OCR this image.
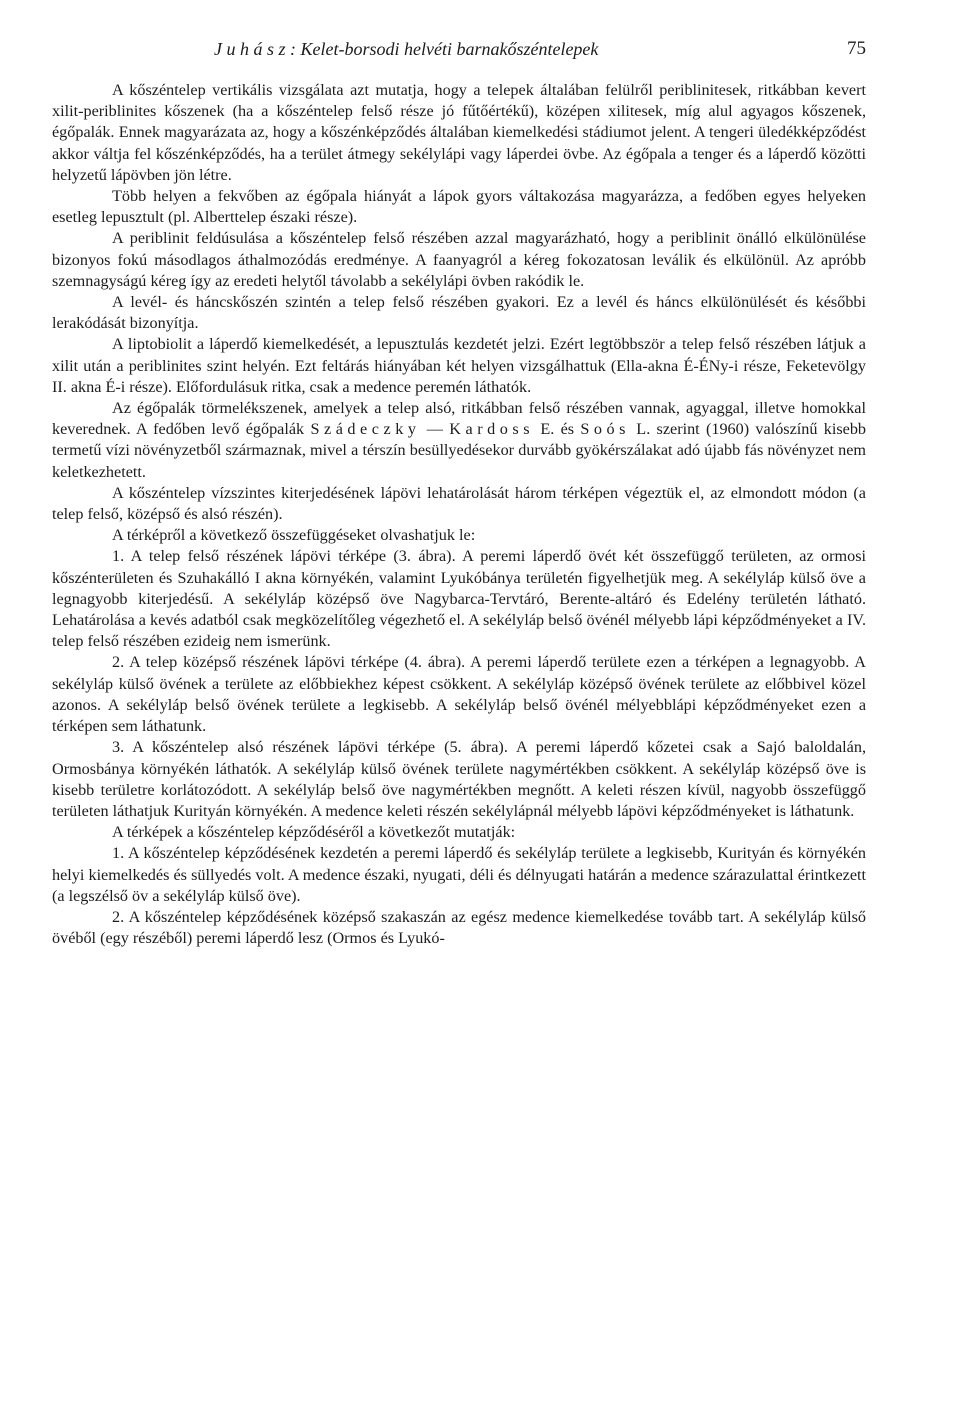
J u h á s z : Kelet-borsodi helvéti barnakőszéntelepek	75

A kőszéntelep vertikális vizsgálata azt mutatja, hogy a telepek általában felülről periblinitesek, ritkábban kevert xilit-periblinites kőszenek (ha a kőszéntelep felső része jó fűtőértékű), középen xilitesek, míg alul agyagos kőszenek, égőpalák. Ennek magyarázata az, hogy a kőszénképződés általában kiemelkedési stádiumot jelent. A tengeri üledékképződést akkor váltja fel kőszénképződés, ha a terület átmegy sekélylápi vagy láperdei övbe. Az égőpala a tenger és a láperdő közötti helyzetű lápövben jön létre.

Több helyen a fekvőben az égőpala hiányát a lápok gyors váltakozása magyarázza, a fedőben egyes helyeken esetleg lepusztult (pl. Alberttelep északi része).

A periblinit feldúsulása a kőszéntelep felső részében azzal magyarázható, hogy a periblinit önálló elkülönülése bizonyos fokú másodlagos áthalmozódás eredménye. A faanyagról a kéreg fokozatosan leválik és elkülönül. Az apróbb szemnagyságú kéreg így az eredeti helytől távolabb a sekélylápi övben rakódik le.

A levél- és háncskőszén szintén a telep felső részében gyakori. Ez a levél és háncs elkülönülését és későbbi lerakódását bizonyítja.

A liptobiolit a láperdő kiemelkedését, a lepusztulás kezdetét jelzi. Ezért legtöbbször a telep felső részében látjuk a xilit után a periblinites szint helyén. Ezt feltárás hiányában két helyen vizsgálhattuk (Ella-akna É-ÉNy-i része, Feketevölgy II. akna É-i része). Előfordulásuk ritka, csak a medence peremén láthatók.

Az égőpalák törmelékszenek, amelyek a telep alsó, ritkábban felső részében vannak, agyaggal, illetve homokkal keverednek. A fedőben levő égőpalák Szádeczky — Kardoss E. és Soós L. szerint (1960) valószínű kisebb termetű vízi növényzetből származnak, mivel a térszín besüllyedésekor durvább gyökérszálakat adó újabb fás növényzet nem keletkezhetett.

A kőszéntelep vízszintes kiterjedésének lápövi lehatárolását három térképen végeztük el, az elmondott módon (a telep felső, középső és alsó részén).

A térképről a következő összefüggéseket olvashatjuk le:

1. A telep felső részének lápövi térképe (3. ábra). A peremi láperdő övét két összefüggő területen, az ormosi kőszénterületen és Szuhakálló I akna környékén, valamint Lyukóbánya területén figyelhetjük meg. A sekélyláp külső öve a legnagyobb kiterjedésű. A sekélyláp középső öve Nagybarca-Tervtáró, Berente-altáró és Edelény területén látható. Lehatárolása a kevés adatból csak megközelítőleg végezhető el. A sekélyláp belső övénél mélyebb lápi képződményeket a IV. telep felső részében ezideig nem ismerünk.

2. A telep középső részének lápövi térképe (4. ábra). A peremi láperdő területe ezen a térképen a legnagyobb. A sekélyláp külső övének a területe az előbbiekhez képest csökkent. A sekélyláp középső övének területe az előbbivel közel azonos. A sekélyláp belső övének területe a legkisebb. A sekélyláp belső övénél mélyebblápi képződményeket ezen a térképen sem láthatunk.

3. A kőszéntelep alsó részének lápövi térképe (5. ábra). A peremi láperdő kőzetei csak a Sajó baloldalán, Ormosbánya környékén láthatók. A sekélyláp külső övének területe nagymértékben csökkent. A sekélyláp középső öve is kisebb területre korlátozódott. A sekélyláp belső öve nagymértékben megnőtt. A keleti részen kívül, nagyobb összefüggő területen láthatjuk Kurityán környékén. A medence keleti részén sekélylápnál mélyebb lápövi képződményeket is láthatunk.

A térképek a kőszéntelep képződéséről a következőt mutatják:

1. A kőszéntelep képződésének kezdetén a peremi láperdő és sekélyláp területe a legkisebb, Kurityán és környékén helyi kiemelkedés és süllyedés volt. A medence északi, nyugati, déli és délnyugati határán a medence szárazulattal érintkezett (a legszélső öv a sekélyláp külső öve).

2. A kőszéntelep képződésének középső szakaszán az egész medence kiemelkedése tovább tart. A sekélyláp külső övéből (egy részéből) peremi láperdő lesz (Ormos és Lyukó-
